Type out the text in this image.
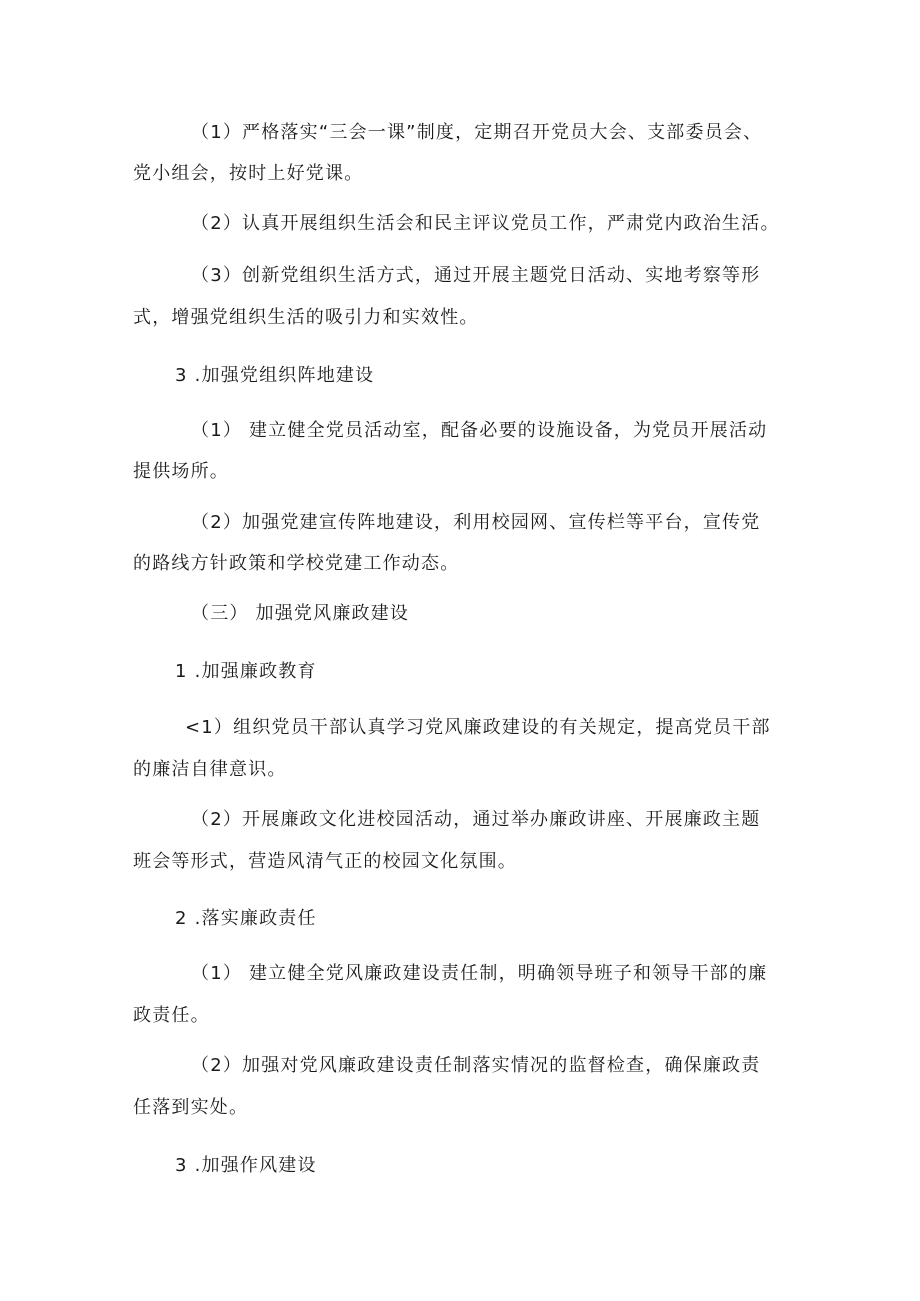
（1）严格落实“三会一课”制度，定期召开党员大会、支部委员会、
党小组会，按时上好党课。
（2）认真开展组织生活会和民主评议党员工作，严肃党内政治生活。
（3）创新党组织生活方式，通过开展主题党日活动、实地考察等形
式，增强党组织生活的吸引力和实效性。
3 .加强党组织阵地建设
（1） 建立健全党员活动室，配备必要的设施设备，为党员开展活动
提供场所。
（2）加强党建宣传阵地建设，利用校园网、宣传栏等平台，宣传党
的路线方针政策和学校党建工作动态。
（三） 加强党风廉政建设
1 .加强廉政教育
<1）组织党员干部认真学习党风廉政建设的有关规定，提高党员干部
的廉洁自律意识。
（2）开展廉政文化进校园活动，通过举办廉政讲座、开展廉政主题
班会等形式，营造风清气正的校园文化氛围。
2 .落实廉政责任
（1） 建立健全党风廉政建设责任制，明确领导班子和领导干部的廉
政责任。
（2）加强对党风廉政建设责任制落实情况的监督检查，确保廉政责
任落到实处。
3 .加强作风建设
